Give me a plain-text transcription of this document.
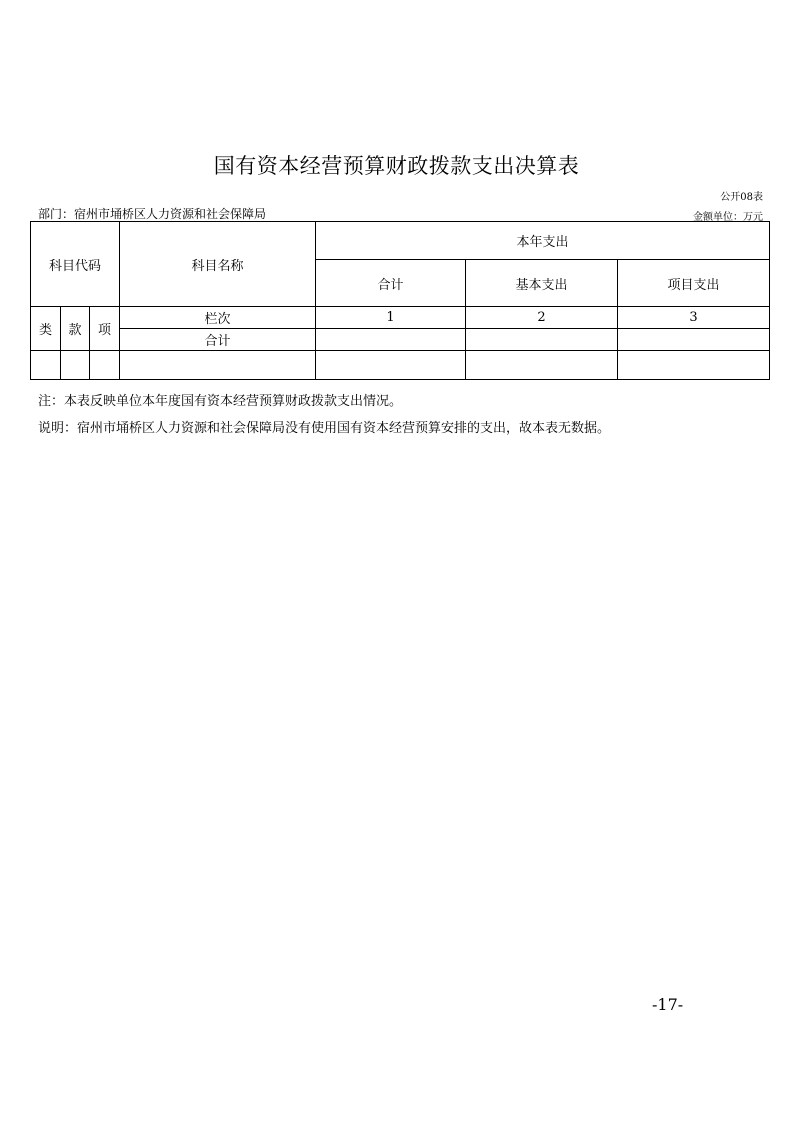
国有资本经营预算财政拨款支出决算表
公开08表
部门：宿州市埇桥区人力资源和社会保障局	金额单位：万元
科目代码			科目名称	本年支出		
				合计	基本支出	项目支出
类	款	项	栏次	1	2	3
			合计			

注：本表反映单位本年度国有资本经营预算财政拨款支出情况。
说明：宿州市埇桥区人力资源和社会保障局没有使用国有资本经营预算安排的支出，故本表无数据。
-17-
